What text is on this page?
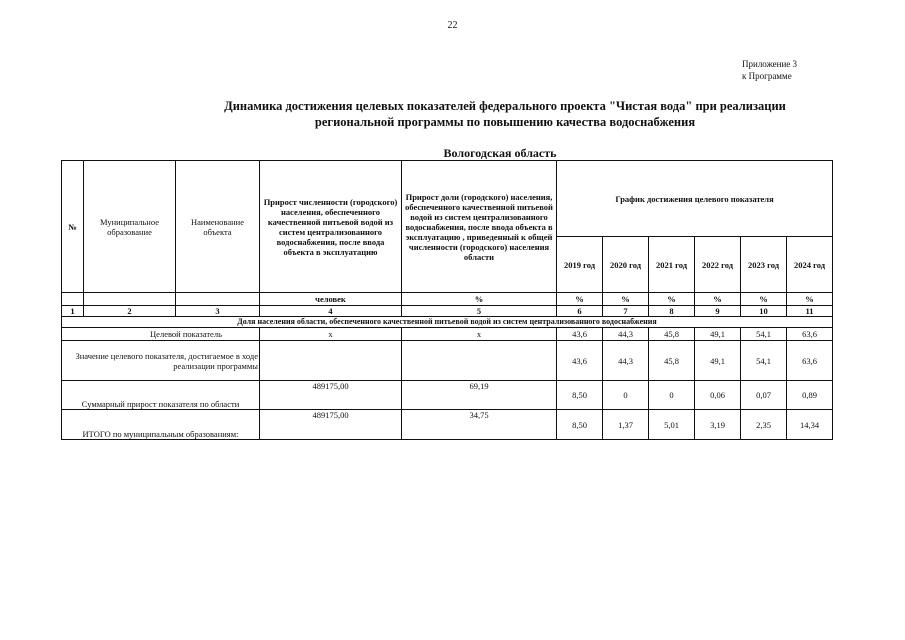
22
Приложение 3
к Программе
Динамика достижения целевых показателей федерального проекта "Чистая вода" при реализации
региональной программы по повышению качества водоснабжения
Вологодская область
№	Муниципальное образование	Наименование объекта	Прирост численности (городского) населения, обеспеченного качественной питьевой водой из систем централизованного водоснабжения, после ввода объекта в эксплуатацию	Прирост доли (городского) населения, обеспеченного качественной питьевой водой из систем централизованного водоснабжения, после ввода объекта в эксплуатацию , приведенный к общей численности (городского) населения области	График достижения целевого показателя					
					2019 год	2020 год	2021 год	2022 год	2023 год	2024 год
			человек	%	%	%	%	%	%	%
1	2	3	4	5	6	7	8	9	10	11
Доля населения области, обеспеченного качественной питьевой водой из систем централизованного водоснабжения										
Целевой показатель			х	х	43,6	44,3	45,8	49,1	54,1	63,6
Значение целевого показателя, достигаемое в ходе реализации программы					43,6	44,3	45,8	49,1	54,1	63,6
Суммарный прирост показателя по области			489175,00	69,19	8,50	0	0	0,06	0,07	0,89
ИТОГО по муниципальным образованиям:			489175,00	34,75	8,50	1,37	5,01	3,19	2,35	14,34
